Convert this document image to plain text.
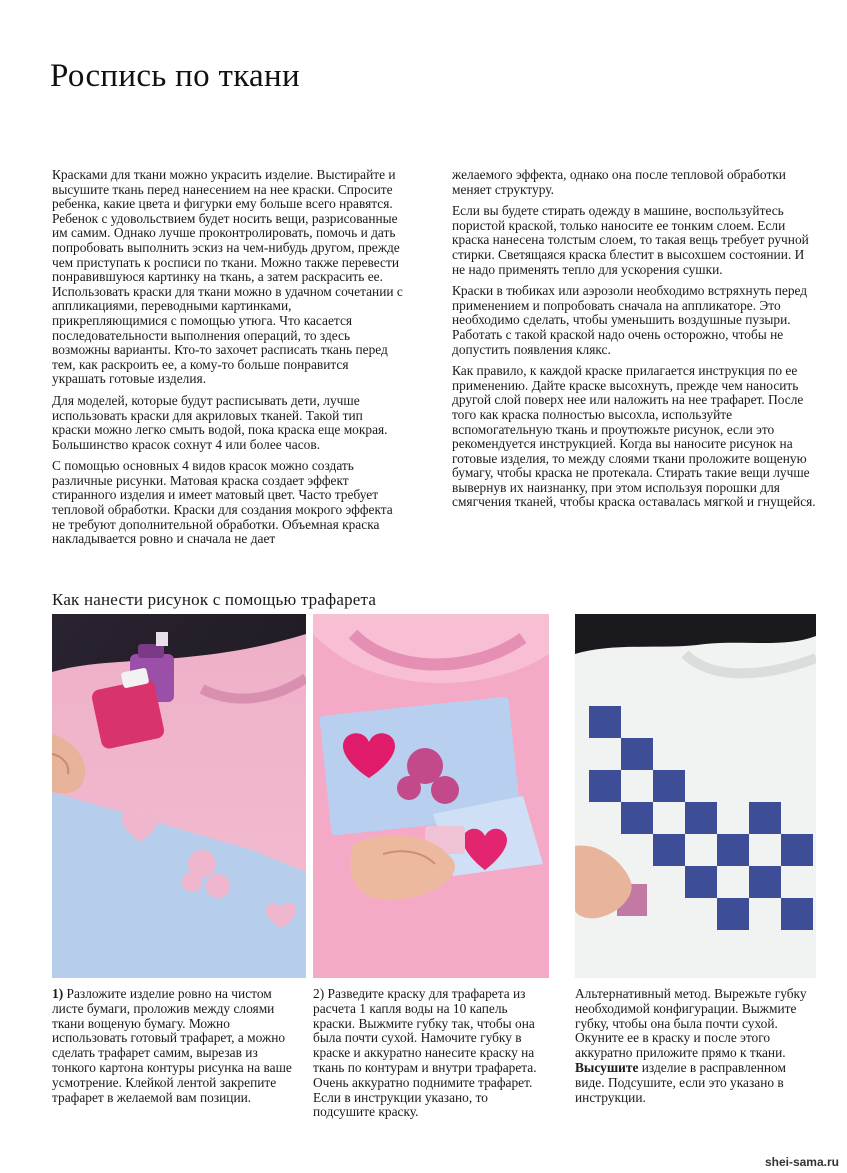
Роспись по ткани

Красками для ткани можно украсить изделие. Выстирайте и высушите ткань перед нанесением на нее краски. Спросите ребенка, какие цвета и фигурки ему больше всего нравятся. Ребенок с удовольствием будет носить вещи, разрисованные им самим. Однако лучше проконтролировать, помочь и дать попробовать выполнить эскиз на чем-нибудь другом, прежде чем приступать к росписи по ткани. Можно также перевести понравившуюся картинку на ткань, а затем раскрасить ее. Использовать краски для ткани можно в удачном сочетании с аппликациями, переводными картинками, прикрепляющимися с помощью утюга. Что касается последовательности выполнения операций, то здесь возможны варианты. Кто-то захочет расписать ткань перед тем, как раскроить ее, а кому-то больше понравится украшать готовые изделия.

Для моделей, которые будут расписывать дети, лучше использовать краски для акриловых тканей. Такой тип краски можно легко смыть водой, пока краска еще мокрая. Большинство красок сохнут 4 или более часов.

С помощью основных 4 видов красок можно создать различные рисунки. Матовая краска создает эффект стиранного изделия и имеет матовый цвет. Часто требует тепловой обработки. Краски для создания мокрого эффекта не требуют дополнительной обработки. Объемная краска накладывается ровно и сначала не дает

желаемого эффекта, однако она после тепловой обработки меняет структуру.

Если вы будете стирать одежду в машине, воспользуйтесь пористой краской, только наносите ее тонким слоем. Если краска нанесена толстым слоем, то такая вещь требует ручной стирки. Светящаяся краска блестит в высохшем состоянии. И не надо применять тепло для ускорения сушки.

Краски в тюбиках или аэрозоли необходимо встряхнуть перед применением и попробовать сначала на аппликаторе. Это необходимо сделать, чтобы уменьшить воздушные пузыри. Работать с такой краской надо очень осторожно, чтобы не допустить появления клякс.

Как правило, к каждой краске прилагается инструкция по ее применению. Дайте краске высохнуть, прежде чем наносить другой слой поверх нее или наложить на нее трафарет. После того как краска полностью высохла, используйте вспомогательную ткань и проутюжьте рисунок, если это рекомендуется инструкцией. Когда вы наносите рисунок на готовые изделия, то между слоями ткани проложите вощеную бумагу, чтобы краска не протекала. Стирать такие вещи лучше вывернув их наизнанку, при этом используя порошки для смягчения тканей, чтобы краска оставалась мягкой и гнущейся.

Как нанести рисунок с помощью трафарета
1) Разложите изделие ровно на чистом листе бумаги, проложив между слоями ткани вощеную бумагу. Можно использовать готовый трафарет, а можно сделать трафарет самим, вырезав из тонкого картона контуры рисунка на ваше усмотрение. Клейкой лентой закрепите трафарет в желаемой вам позиции.
2) Разведите краску для трафарета из расчета 1 капля воды на 10 капель краски. Выжмите губку так, чтобы она была почти сухой. Намочите губку в краске и аккуратно нанесите краску на ткань по контурам и внутри трафарета. Очень аккуратно поднимите трафарет. Если в инструкции указано, то подсушите краску.
Альтернативный метод. Вырежьте губку необходимой конфигурации. Выжмите губку, чтобы она была почти сухой. Окуните ее в краску и после этого аккуратно приложите прямо к ткани. Высушите изделие в расправленном виде. Подсушите, если это указано в инструкции.
shei-sama.ru
